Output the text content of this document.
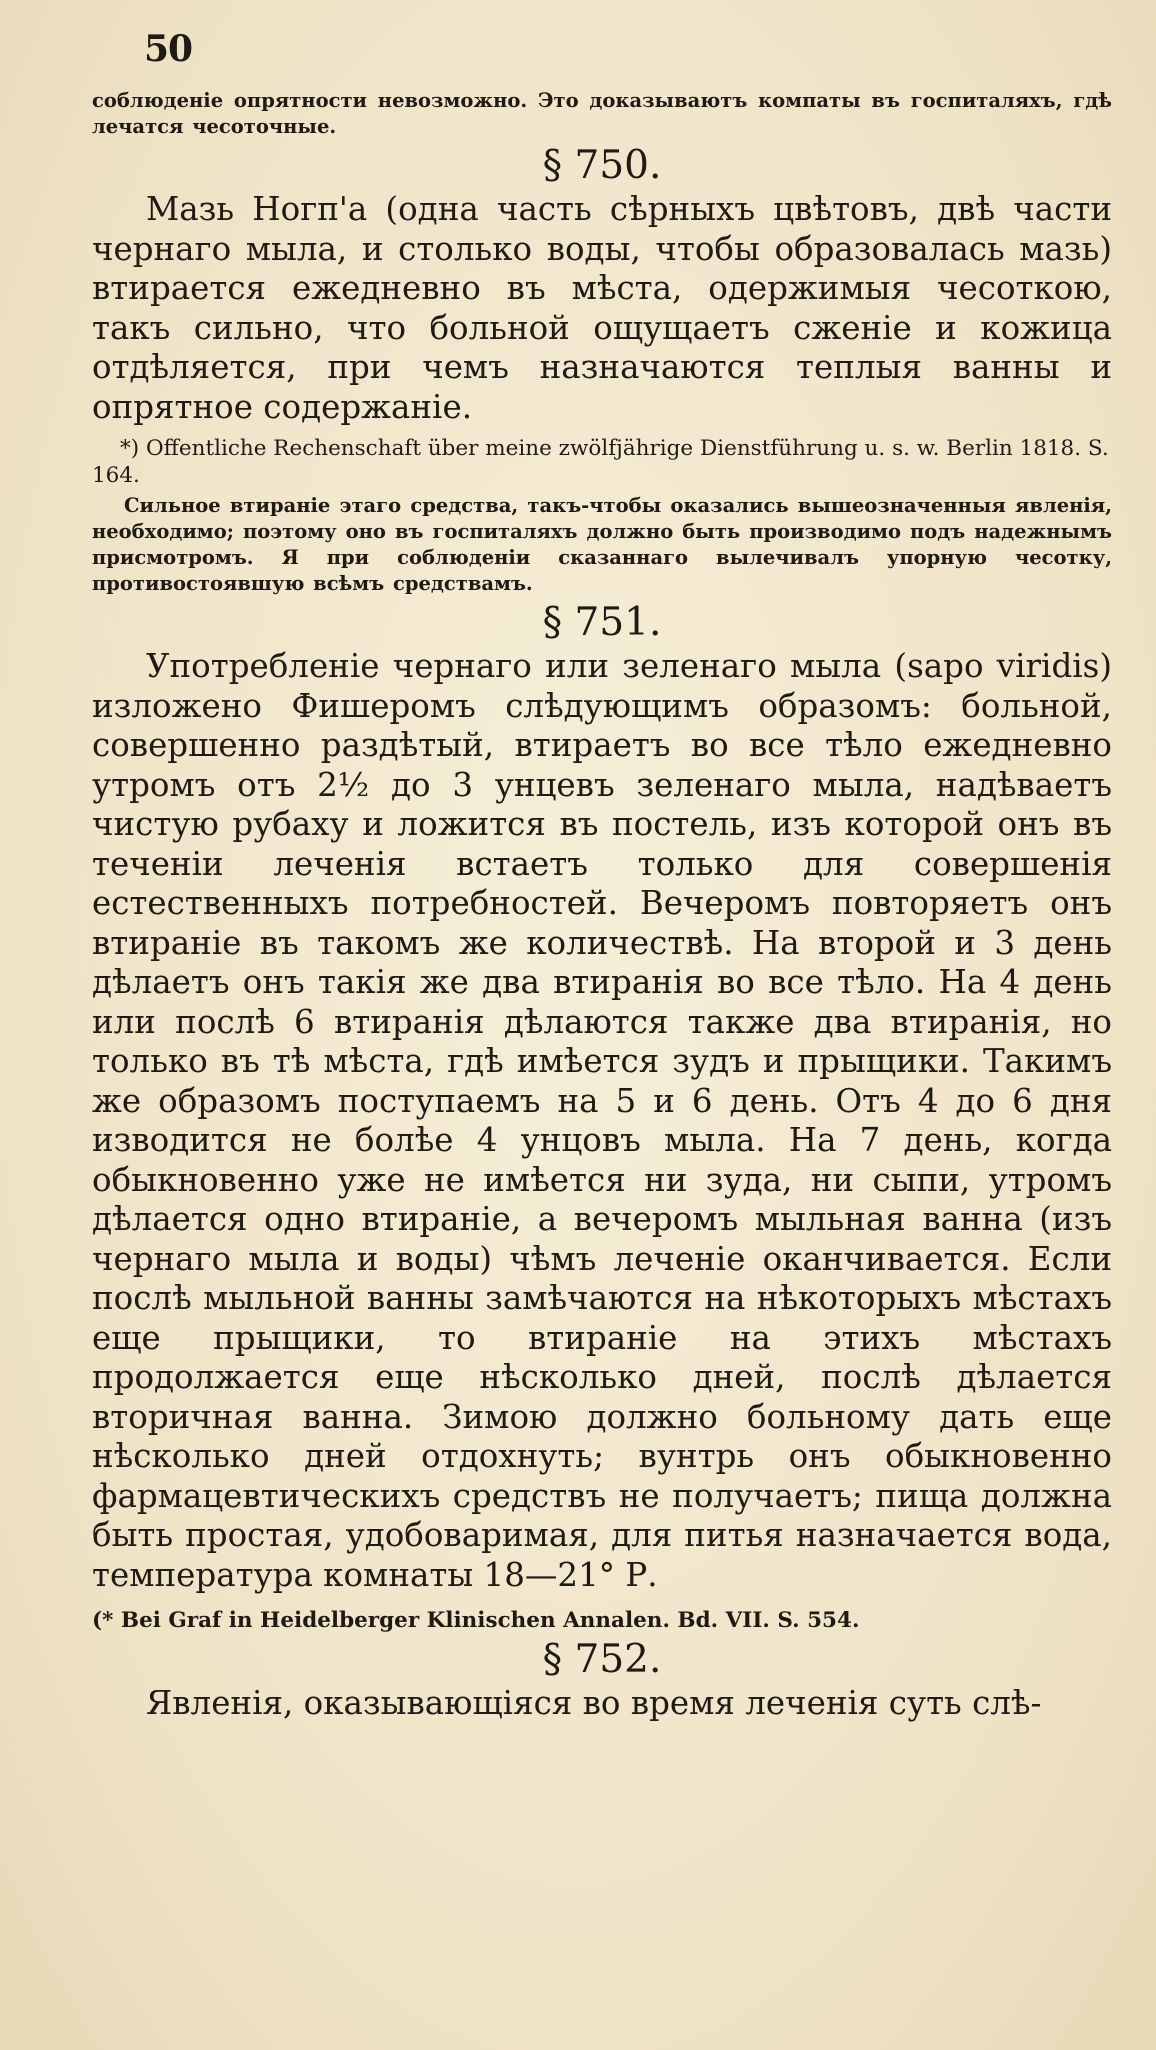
50

соблюденіе опрятности невозможно. Это доказываютъ компаты въ госпиталяхъ, гдѣ лечатся чесоточные.

§ 750.

Мазь Ногп'а (одна часть сѣрныхъ цвѣтовъ, двѣ части чернаго мыла, и столько воды, чтобы образовалась мазь) втирается ежедневно въ мѣста, одержимыя чесоткою, такъ сильно, что больной ощущаетъ сженіе и кожица отдѣляется, при чемъ назначаются теплыя ванны и опрятное содержаніе.

*) Offentliche Rechenschaft über meine zwölfjährige Dienstführung u. s. w. Berlin 1818. S. 164.

Сильное втираніе этаго средства, такъ-чтобы оказались вышеозначенныя явленія, необходимо; поэтому оно въ госпиталяхъ должно быть производимо подъ надежнымъ присмотромъ. Я при соблюденіи сказаннаго вылечивалъ упорную чесотку, противостоявшую всѣмъ средствамъ.

§ 751.

Употребленіе чернаго или зеленаго мыла (sapo viridis) изложено Фишеромъ слѣдующимъ образомъ: больной, совершенно раздѣтый, втираетъ во все тѣло ежедневно утромъ отъ 2½ до 3 унцевъ зеленаго мыла, надѣваетъ чистую рубаху и ложится въ постель, изъ которой онъ въ теченіи леченія встаетъ только для совершенія естественныхъ потребностей. Вечеромъ повторяетъ онъ втираніе въ такомъ же количествѣ. На второй и 3 день дѣлаетъ онъ такія же два втиранія во все тѣло. На 4 день или послѣ 6 втиранія дѣлаются также два втиранія, но только въ тѣ мѣста, гдѣ имѣется зудъ и прыщики. Такимъ же образомъ поступаемъ на 5 и 6 день. Отъ 4 до 6 дня изводится не болѣе 4 унцовъ мыла. На 7 день, когда обыкновенно уже не имѣется ни зуда, ни сыпи, утромъ дѣлается одно втираніе, а вечеромъ мыльная ванна (изъ чернаго мыла и воды) чѣмъ леченіе оканчивается. Если послѣ мыльной ванны замѣчаются на нѣкоторыхъ мѣстахъ еще прыщики, то втираніе на этихъ мѣстахъ продолжается еще нѣсколько дней, послѣ дѣлается вторичная ванна. Зимою должно больному дать еще нѣсколько дней отдохнуть; вунтрь онъ обыкновенно фармацевтическихъ средствъ не получаетъ; пища должна быть простая, удобоваримая, для питья назначается вода, температура комнаты 18—21° Р.

(* Bei Graf in Heidelberger Klinischen Annalen. Bd. VII. S. 554.

§ 752.

Явленія, оказывающіяся во время леченія суть слѣ-
